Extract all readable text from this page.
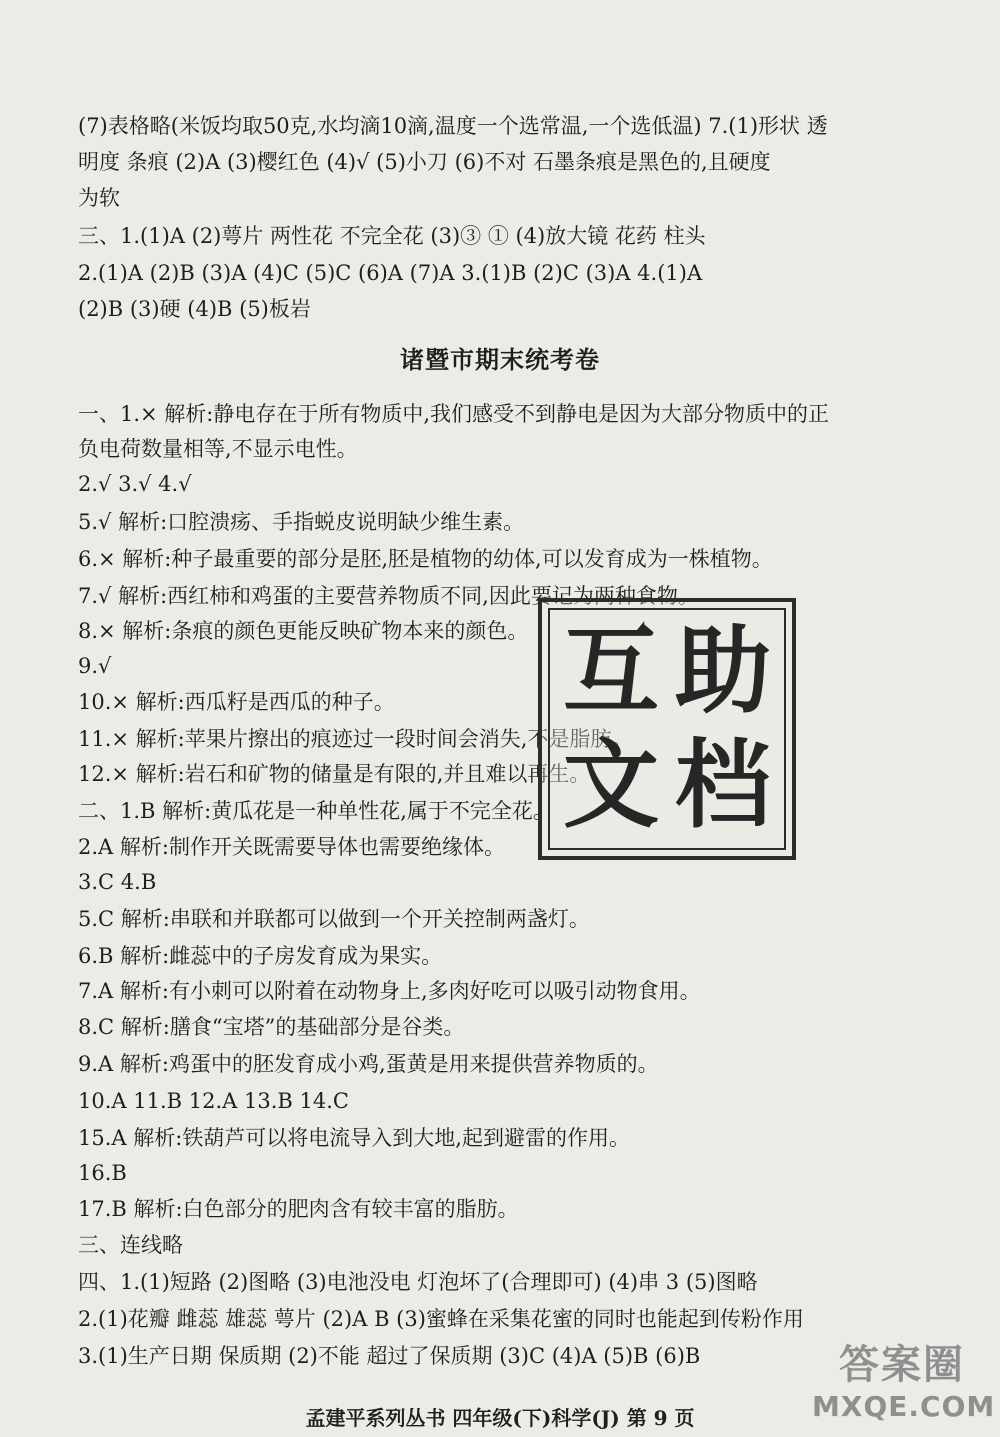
(7)表格略(米饭均取50克,水均滴10滴,温度一个选常温,一个选低温) 7.(1)形状 透
明度 条痕 (2)A (3)樱红色 (4)√ (5)小刀 (6)不对 石墨条痕是黑色的,且硬度
为软
三、1.(1)A (2)萼片 两性花 不完全花 (3)③ ① (4)放大镜 花药 柱头
2.(1)A (2)B (3)A (4)C (5)C (6)A (7)A 3.(1)B (2)C (3)A 4.(1)A
(2)B (3)硬 (4)B (5)板岩
诸暨市期末统考卷
一、1.× 解析:静电存在于所有物质中,我们感受不到静电是因为大部分物质中的正
负电荷数量相等,不显示电性。
2.√ 3.√ 4.√
5.√ 解析:口腔溃疡、手指蜕皮说明缺少维生素。
6.× 解析:种子最重要的部分是胚,胚是植物的幼体,可以发育成为一株植物。
7.√ 解析:西红柿和鸡蛋的主要营养物质不同,因此要记为两种食物。
8.× 解析:条痕的颜色更能反映矿物本来的颜色。
9.√
10.× 解析:西瓜籽是西瓜的种子。
11.× 解析:苹果片擦出的痕迹过一段时间会消失,不是脂肪。
12.× 解析:岩石和矿物的储量是有限的,并且难以再生。
二、1.B 解析:黄瓜花是一种单性花,属于不完全花。
2.A 解析:制作开关既需要导体也需要绝缘体。
3.C 4.B
5.C 解析:串联和并联都可以做到一个开关控制两盏灯。
6.B 解析:雌蕊中的子房发育成为果实。
7.A 解析:有小刺可以附着在动物身上,多肉好吃可以吸引动物食用。
8.C 解析:膳食“宝塔”的基础部分是谷类。
9.A 解析:鸡蛋中的胚发育成小鸡,蛋黄是用来提供营养物质的。
10.A 11.B 12.A 13.B 14.C
15.A 解析:铁葫芦可以将电流导入到大地,起到避雷的作用。
16.B
17.B 解析:白色部分的肥肉含有较丰富的脂肪。
三、连线略
四、1.(1)短路 (2)图略 (3)电池没电 灯泡坏了(合理即可) (4)串 3 (5)图略
2.(1)花瓣 雌蕊 雄蕊 萼片 (2)A B (3)蜜蜂在采集花蜜的同时也能起到传粉作用
3.(1)生产日期 保质期 (2)不能 超过了保质期 (3)C (4)A (5)B (6)B
互 助
文 档
孟建平系列丛书 四年级(下)科学(J) 第 9 页
答案圈
MXQE.COM
